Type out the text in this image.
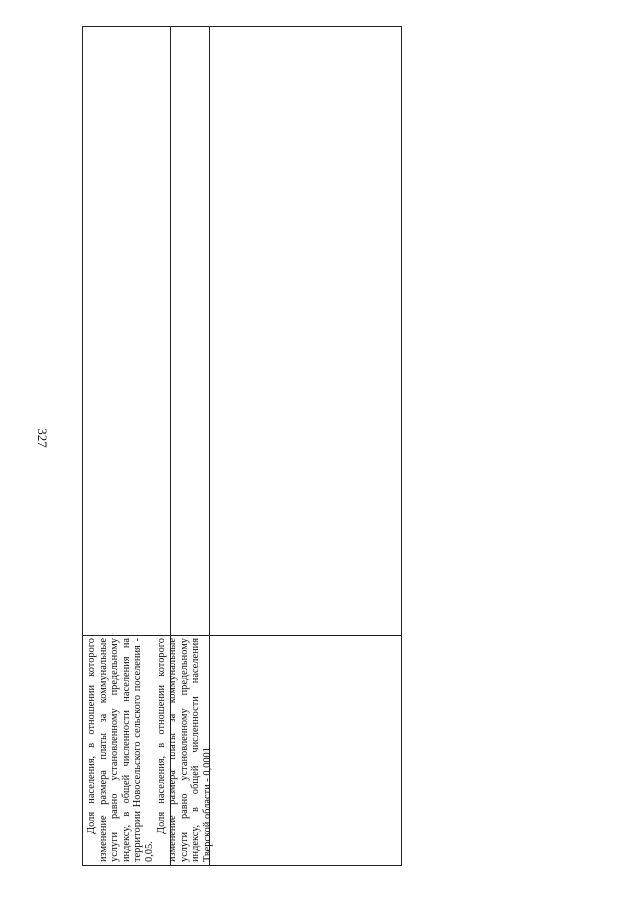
327

Доля населения, в отношении которого изменение размера платы за коммунальные услуги равно установленному предельному индексу, в общей численности населения на территории Новосельского сельского поселения - 0,05.

Доля населения, в отношении которого изменение размера платы за коммунальные услуги равно установленному предельному индексу, в общей численности населения Тверской области - 0,0001
